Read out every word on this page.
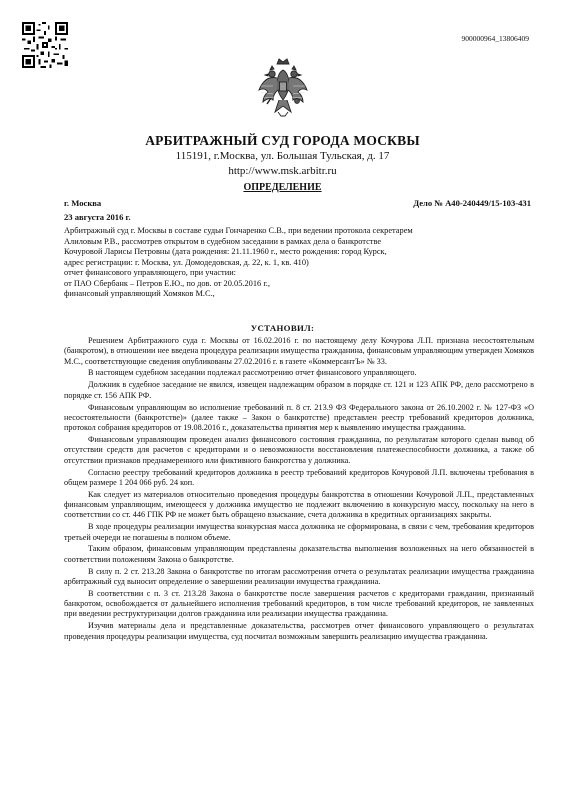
900000964_13806409
АРБИТРАЖНЫЙ СУД ГОРОДА МОСКВЫ
115191, г.Москва, ул. Большая Тульская, д. 17
http://www.msk.arbitr.ru
ОПРЕДЕЛЕНИЕ
г. Москва	Дело № А40-240449/15-103-431
23 августа 2016 г.
Арбитражный суд г. Москвы в составе судьи Гончаренко С.В., при ведении протокола секретарем
Алиловым Р.В., рассмотрев открытом в судебном заседании в рамках дела о банкротстве
Кочуровой Ларисы Петровны (дата рождения: 21.11.1960 г., место рождения: город Курск,
адрес регистрации: г. Москва, ул. Домодедовская, д. 22, к. 1, кв. 410)
отчет финансового управляющего, при участии:
от ПАО Сбербанк – Петров Е.Ю., по дов. от 20.05.2016 г.,
финансовый управляющий Хомяков М.С.,
УСТАНОВИЛ:

Решением Арбитражного суда г. Москвы от 16.02.2016 г. по настоящему делу Кочурова Л.П. признана несостоятельным (банкротом), в отношении нее введена процедура реализации имущества гражданина, финансовым управляющим утвержден Хомяков М.С., соответствующие сведения опубликованы 27.02.2016 г. в газете «КоммерсантЪ» № 33.

В настоящем судебном заседании подлежал рассмотрению отчет финансового управляющего.

Должник в судебное заседание не явился, извещен надлежащим образом в порядке ст. 121 и 123 АПК РФ, дело рассмотрено в порядке ст. 156 АПК РФ.

Финансовым управляющим во исполнение требований п. 8 ст. 213.9 ФЗ Федерального закона от 26.10.2002 г. № 127-ФЗ «О несостоятельности (банкротстве)» (далее также – Закон о банкротстве) представлен реестр требований кредиторов должника, протокол собрания кредиторов от 19.08.2016 г., доказательства принятия мер к выявлению имущества гражданина.

Финансовым управляющим проведен анализ финансового состояния гражданина, по результатам которого сделан вывод об отсутствии средств для расчетов с кредиторами и о невозможности восстановления платежеспособности должника, а также об отсутствии признаков преднамеренного или фиктивного банкротства у должника.

Согласно реестру требований кредиторов должника в реестр требований кредиторов Кочуровой Л.П. включены требования в общем размере 1 204 066 руб. 24 коп.

Как следует из материалов относительно проведения процедуры банкротства в отношении Кочуровой Л.П., представленных финансовым управляющим, имеющееся у должника имущество не подлежит включению в конкурсную массу, поскольку на него в соответствии со ст. 446 ГПК РФ не может быть обращено взыскание, счета должника в кредитных организациях закрыты.

В ходе процедуры реализации имущества конкурсная масса должника не сформирована, в связи с чем, требования кредиторов третьей очереди не погашены в полном объеме.

Таким образом, финансовым управляющим представлены доказательства выполнения возложенных на него обязанностей в соответствии положениям Закона о банкротстве.

В силу п. 2 ст. 213.28 Закона о банкротстве по итогам рассмотрения отчета о результатах реализации имущества гражданина арбитражный суд выносит определение о завершении реализации имущества гражданина.

В соответствии с п. 3 ст. 213.28 Закона о банкротстве после завершения расчетов с кредиторами гражданин, признанный банкротом, освобождается от дальнейшего исполнения требований кредиторов, в том числе требований кредиторов, не заявленных при введении реструктуризации долгов гражданина или реализации имущества гражданина.

Изучив материалы дела и представленные доказательства, рассмотрев отчет финансового управляющего о результатах проведения процедуры реализации имущества, суд посчитал возможным завершить реализацию имущества гражданина.
